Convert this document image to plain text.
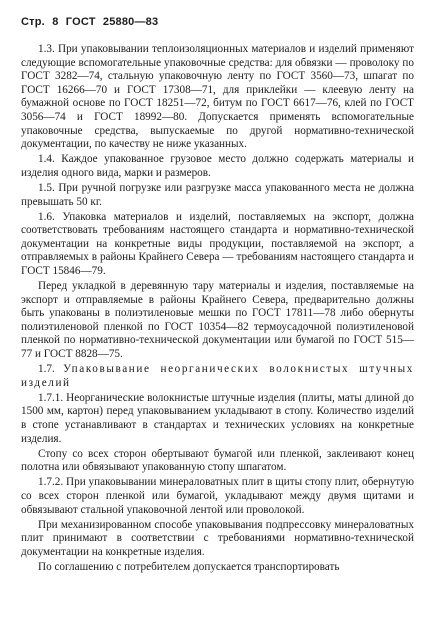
Стр. 8 ГОСТ 25880—83

1.3. При упаковывании теплоизоляционных материалов и изделий применяют следующие вспомогательные упаковочные средства: для обвязки — проволоку по ГОСТ 3282—74, стальную упаковочную ленту по ГОСТ 3560—73, шпагат по ГОСТ 16266—70 и ГОСТ 17308—71, для приклейки — клеевую ленту на бумажной основе по ГОСТ 18251—72, битум по ГОСТ 6617—76, клей по ГОСТ 3056—74 и ГОСТ 18992—80. Допускается применять вспомогательные упаковочные средства, выпускаемые по другой нормативно-технической документации, по качеству не ниже указанных.

1.4. Каждое упакованное грузовое место должно содержать материалы и изделия одного вида, марки и размеров.

1.5. При ручной погрузке или разгрузке масса упакованного места не должна превышать 50 кг.

1.6. Упаковка материалов и изделий, поставляемых на экспорт, должна соответствовать требованиям настоящего стандарта и нормативно-технической документации на конкретные виды продукции, поставляемой на экспорт, а отправляемых в районы Крайнего Севера — требованиям настоящего стандарта и ГОСТ 15846—79.

Перед укладкой в деревянную тару материалы и изделия, поставляемые на экспорт и отправляемые в районы Крайнего Севера, предварительно должны быть упакованы в полиэтиленовые мешки по ГОСТ 17811—78 либо обернуты полиэтиленовой пленкой по ГОСТ 10354—82 термоусадочной полиэтиленовой пленкой по нормативно-технической документации или бумагой по ГОСТ 515—77 и ГОСТ 8828—75.

1.7. Упаковывание неорганических волокнистых штучных изделий

1.7.1. Неорганические волокнистые штучные изделия (плиты, маты длиной до 1500 мм, картон) перед упаковыванием укладывают в стопу. Количество изделий в стопе устанавливают в стандартах и технических условиях на конкретные изделия.

Стопу со всех сторон обертывают бумагой или пленкой, заклеивают конец полотна или обвязывают упакованную стопу шпагатом.

1.7.2. При упаковывании минераловатных плит в щиты стопу плит, обернутую со всех сторон пленкой или бумагой, укладывают между двумя щитами и обвязывают стальной упаковочной лентой или проволокой.

При механизированном способе упаковывания подпрессовку минераловатных плит принимают в соответствии с требованиями нормативно-технической документации на конкретные изделия.

По соглашению с потребителем допускается транспортировать
